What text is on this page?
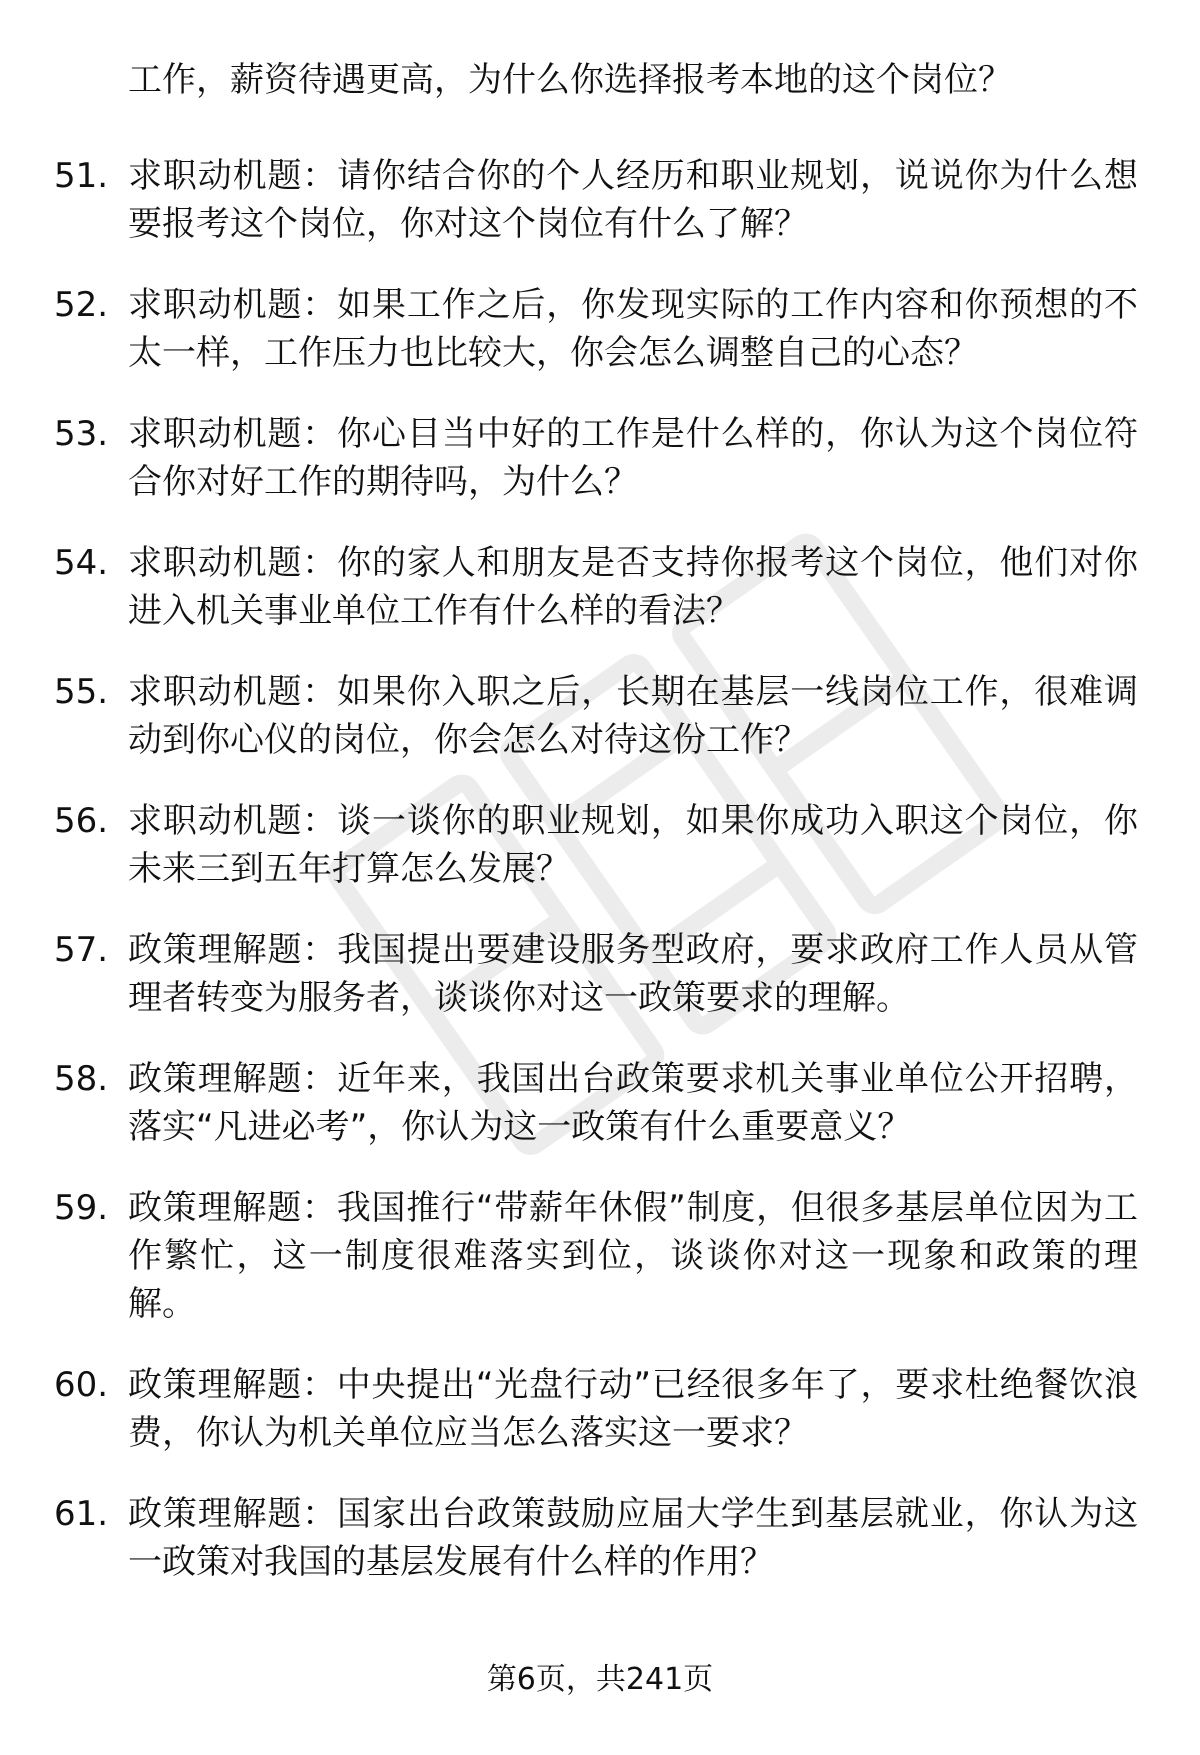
工作，薪资待遇更高，为什么你选择报考本地的这个岗位？
51. 求职动机题：请你结合你的个人经历和职业规划，说说你为什么想要报考这个岗位，你对这个岗位有什么了解？
52. 求职动机题：如果工作之后，你发现实际的工作内容和你预想的不太一样，工作压力也比较大，你会怎么调整自己的心态？
53. 求职动机题：你心目当中好的工作是什么样的，你认为这个岗位符合你对好工作的期待吗，为什么？
54. 求职动机题：你的家人和朋友是否支持你报考这个岗位，他们对你进入机关事业单位工作有什么样的看法？
55. 求职动机题：如果你入职之后，长期在基层一线岗位工作，很难调动到你心仪的岗位，你会怎么对待这份工作？
56. 求职动机题：谈一谈你的职业规划，如果你成功入职这个岗位，你未来三到五年打算怎么发展？
57. 政策理解题：我国提出要建设服务型政府，要求政府工作人员从管理者转变为服务者，谈谈你对这一政策要求的理解。
58. 政策理解题：近年来，我国出台政策要求机关事业单位公开招聘，落实“凡进必考”，你认为这一政策有什么重要意义？
59. 政策理解题：我国推行“带薪年休假”制度，但很多基层单位因为工作繁忙，这一制度很难落实到位，谈谈你对这一现象和政策的理解。
60. 政策理解题：中央提出“光盘行动”已经很多年了，要求杜绝餐饮浪费，你认为机关单位应当怎么落实这一要求？
61. 政策理解题：国家出台政策鼓励应届大学生到基层就业，你认为这一政策对我国的基层发展有什么样的作用？
第6页，共241页
